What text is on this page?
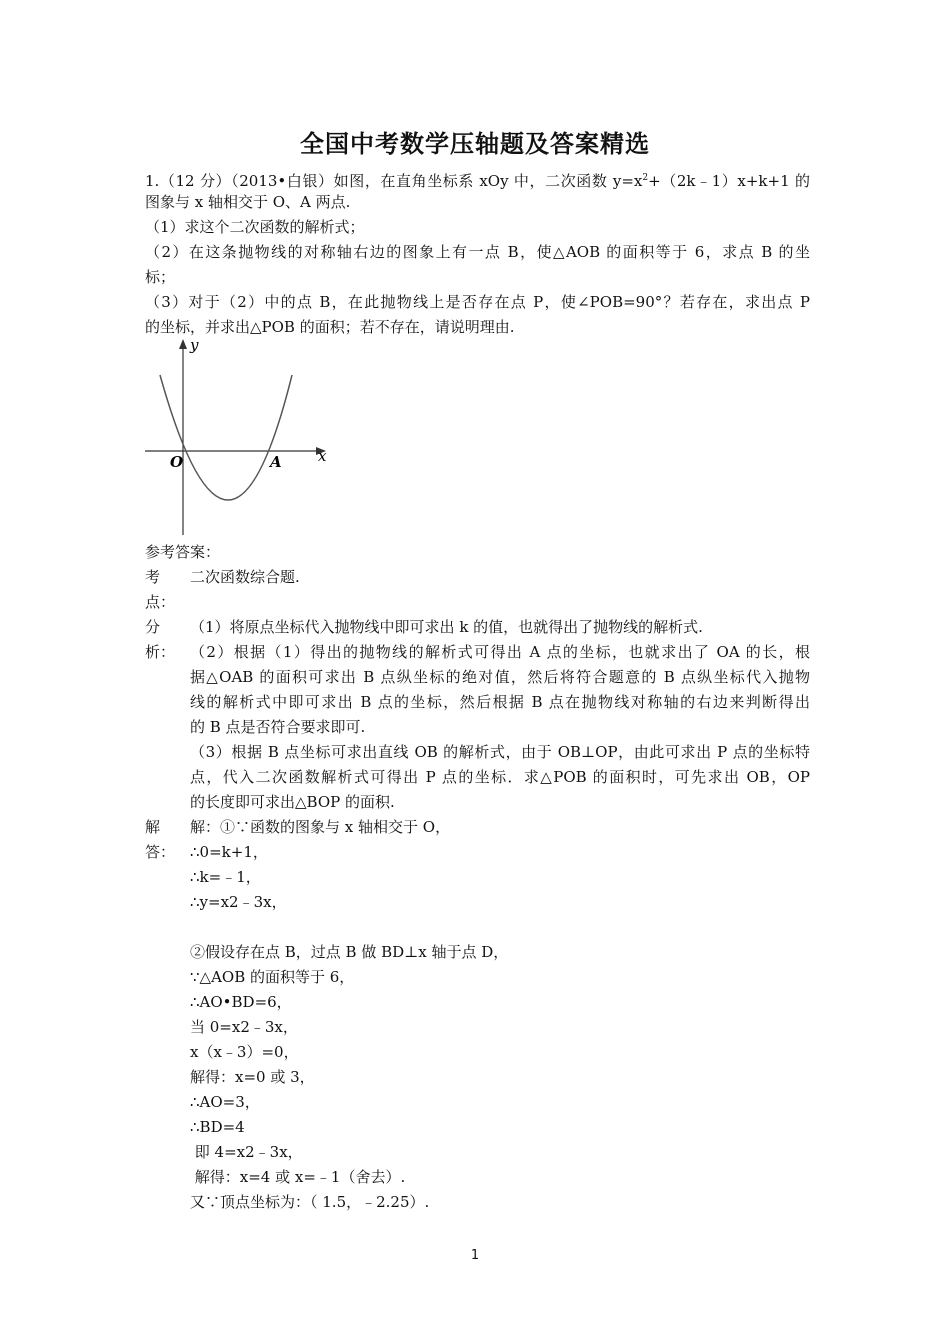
全国中考数学压轴题及答案精选
1.（12 分）（2013•白银）如图，在直角坐标系 xOy 中，二次函数 $y=x^2+(2k﹣1)x+k+1$ 的
图象与 x 轴相交于 O、A 两点.
（1）求这个二次函数的解析式；
（2）在这条抛物线的对称轴右边的图象上有一点 B，使△AOB 的面积等于 6，求点 B 的坐
标；
（3）对于（2）中的点 B，在此抛物线上是否存在点 P，使∠POB=90°？若存在，求出点 P
的坐标，并求出△POB 的面积；若不存在，请说明理由.
y
x
O	A
参考答案：
考
点：
二次函数综合题.
分
析：
（1）将原点坐标代入抛物线中即可求出 k 的值，也就得出了抛物线的解析式.
（2）根据（1）得出的抛物线的解析式可得出 A 点的坐标，也就求出了 OA 的长，根
据△OAB 的面积可求出 B 点纵坐标的绝对值，然后将符合题意的 B 点纵坐标代入抛物
线的解析式中即可求出 B 点的坐标，然后根据 B 点在抛物线对称轴的右边来判断得出
的 B 点是否符合要求即可.
（3）根据 B 点坐标可求出直线 OB 的解析式，由于 OB⊥OP，由此可求出 P 点的坐标特
点，代入二次函数解析式可得出 P 点的坐标．求△POB 的面积时，可先求出 OB，OP
的长度即可求出△BOP 的面积.
解
答：
解：①∵函数的图象与 x 轴相交于 O，
∴0=k+1，
∴k=﹣1，
∴y=x2﹣3x，
②假设存在点 B，过点 B 做 BD⊥x 轴于点 D，
∵△AOB 的面积等于 6，
∴AO•BD=6，
当 0=x2﹣3x，
x（x﹣3）=0，
解得：x=0 或 3，
∴AO=3，
∴BD=4
即 4=x2﹣3x，
解得：x=4 或 x=﹣1（舍去）.
又∵顶点坐标为：（ 1.5，﹣2.25）.
1
